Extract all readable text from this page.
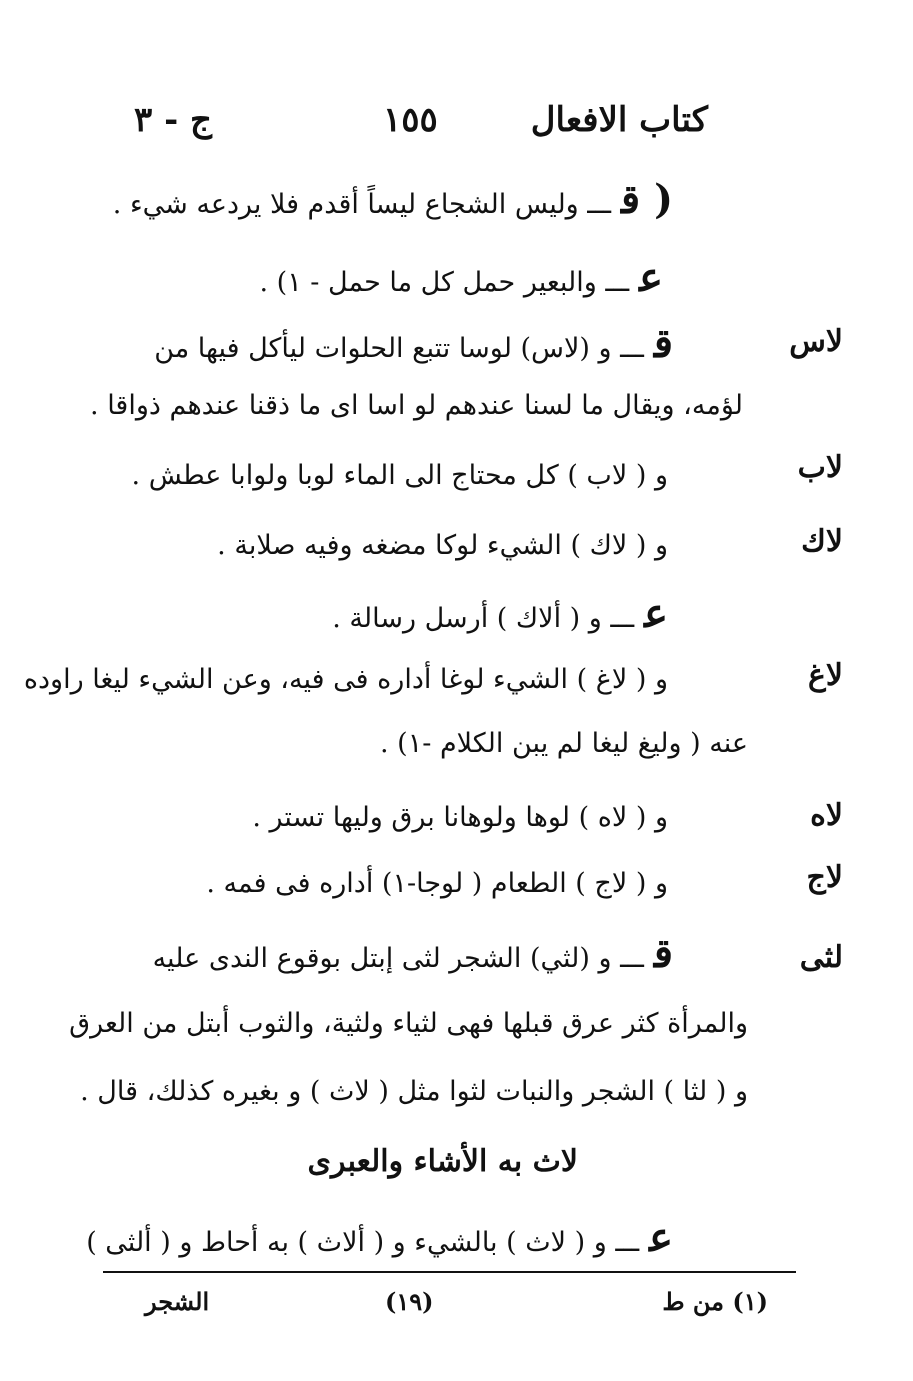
كتاب الافعال
١٥٥
ج - ٣
( قـــ وليس الشجاع ليساً أقدم فلا يردعه شيء .
عـــ والبعير حمل كل ما حمل - ١) .
لاس
قـــ و (لاس) لوسا تتبع الحلوات ليأكل فيها من
لؤمه، ويقال ما لسنا عندهم لو اسا اى ما ذقنا عندهم ذواقا .
لاب
و ( لاب ) كل محتاج الى الماء لوبا ولوابا عطش .
لاك
و ( لاك ) الشيء لوكا مضغه وفيه صلابة .
عـــ و ( ألاك ) أرسل رسالة .
لاغ
و ( لاغ ) الشيء لوغا أداره فى فيه، وعن الشيء ليغا راوده
عنه ( وليغ ليغا لم يبن الكلام -١) .
لاه
و ( لاه ) لوها ولوهانا برق وليها تستر .
لاج
و ( لاج ) الطعام ( لوجا-١) أداره فى فمه .
لثى
قـــ و (لثي) الشجر لثى إبتل بوقوع الندى عليه
والمرأة كثر عرق قبلها فهى لثياء ولثية، والثوب أبتل من العرق
و ( لثا ) الشجر والنبات لثوا مثل ( لاث ) و بغيره كذلك، قال .
لاث به الأشاء والعبرى
عـــ و ( لاث ) بالشيء و ( ألاث ) به أحاط و ( ألثى )
(١) من ط
(١٩)
الشجر
